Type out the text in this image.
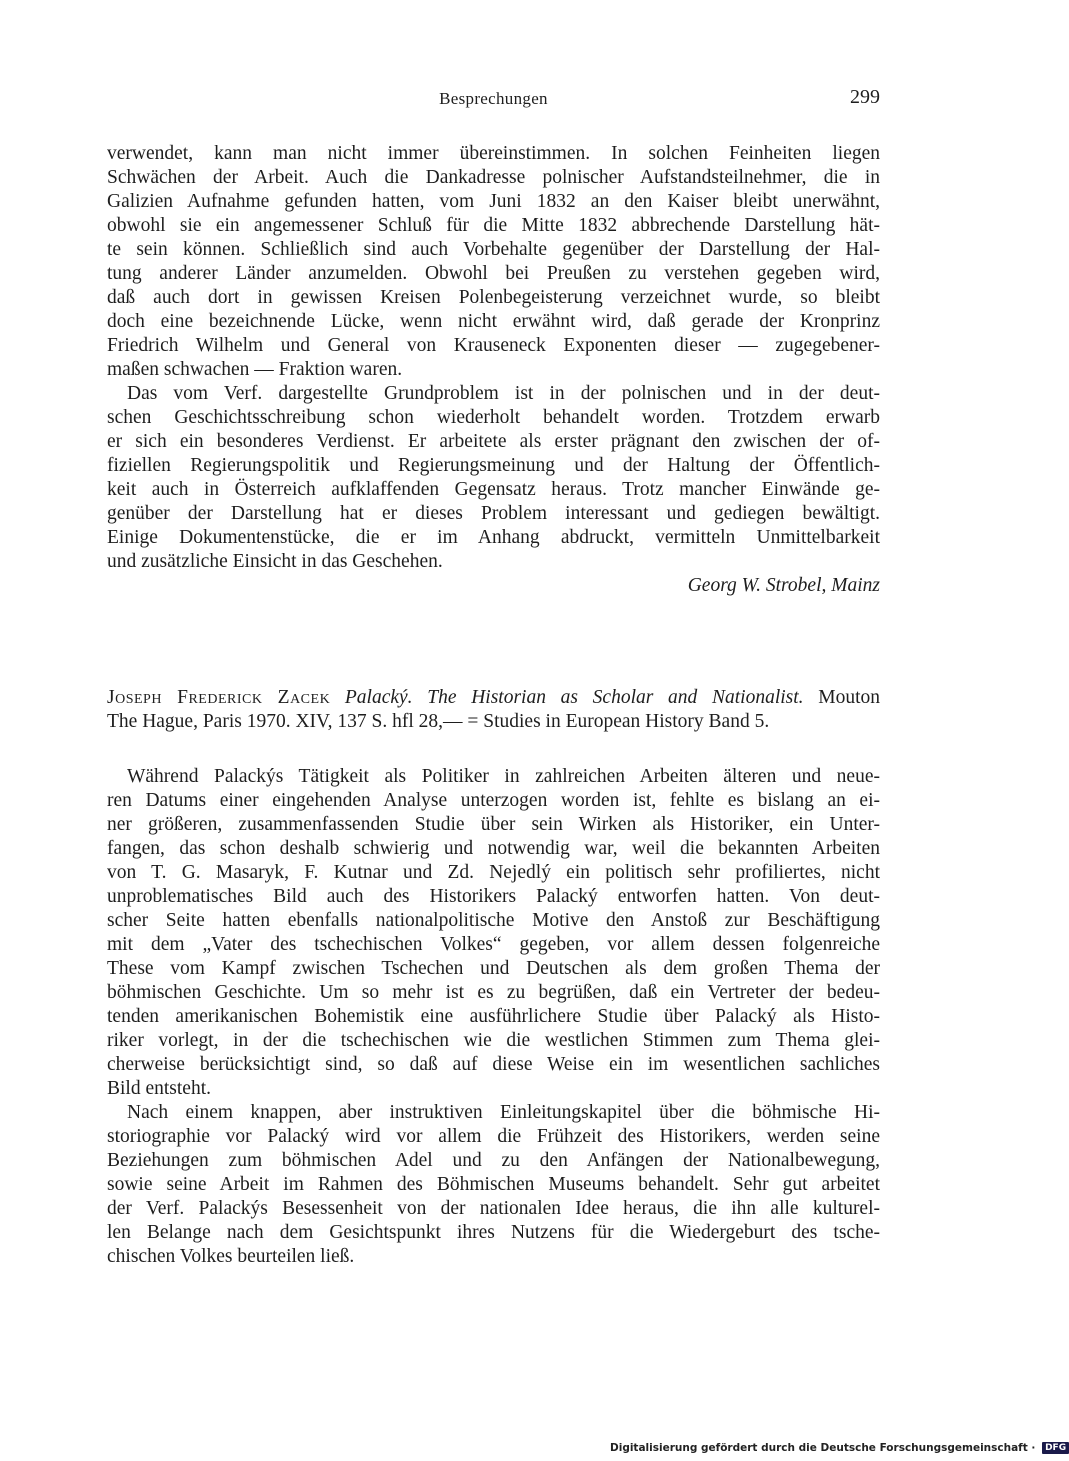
Besprechungen	299
verwendet, kann man nicht immer übereinstimmen. In solchen Feinheiten liegen
Schwächen der Arbeit. Auch die Dankadresse polnischer Aufstandsteilnehmer, die in
Galizien Aufnahme gefunden hatten, vom Juni 1832 an den Kaiser bleibt unerwähnt,
obwohl sie ein angemessener Schluß für die Mitte 1832 abbrechende Darstellung hät-
te sein können. Schließlich sind auch Vorbehalte gegenüber der Darstellung der Hal-
tung anderer Länder anzumelden. Obwohl bei Preußen zu verstehen gegeben wird,
daß auch dort in gewissen Kreisen Polenbegeisterung verzeichnet wurde, so bleibt
doch eine bezeichnende Lücke, wenn nicht erwähnt wird, daß gerade der Kronprinz
Friedrich Wilhelm und General von Krauseneck Exponenten dieser — zugegebener-
maßen schwachen — Fraktion waren.
Das vom Verf. dargestellte Grundproblem ist in der polnischen und in der deut-
schen Geschichtsschreibung schon wiederholt behandelt worden. Trotzdem erwarb
er sich ein besonderes Verdienst. Er arbeitete als erster prägnant den zwischen der of-
fiziellen Regierungspolitik und Regierungsmeinung und der Haltung der Öffentlich-
keit auch in Österreich aufklaffenden Gegensatz heraus. Trotz mancher Einwände ge-
genüber der Darstellung hat er dieses Problem interessant und gediegen bewältigt.
Einige Dokumentenstücke, die er im Anhang abdruckt, vermitteln Unmittelbarkeit
und zusätzliche Einsicht in das Geschehen.
Georg W. Strobel, Mainz
Joseph Frederick Zacek Palacký. The Historian as Scholar and Nationalist. Mouton
The Hague, Paris 1970. XIV, 137 S. hfl 28,— = Studies in European History Band 5.
Während Palackýs Tätigkeit als Politiker in zahlreichen Arbeiten älteren und neue-
ren Datums einer eingehenden Analyse unterzogen worden ist, fehlte es bislang an ei-
ner größeren, zusammenfassenden Studie über sein Wirken als Historiker, ein Unter-
fangen, das schon deshalb schwierig und notwendig war, weil die bekannten Arbeiten
von T. G. Masaryk, F. Kutnar und Zd. Nejedlý ein politisch sehr profiliertes, nicht
unproblematisches Bild auch des Historikers Palacký entworfen hatten. Von deut-
scher Seite hatten ebenfalls nationalpolitische Motive den Anstoß zur Beschäftigung
mit dem „Vater des tschechischen Volkes“ gegeben, vor allem dessen folgenreiche
These vom Kampf zwischen Tschechen und Deutschen als dem großen Thema der
böhmischen Geschichte. Um so mehr ist es zu begrüßen, daß ein Vertreter der bedeu-
tenden amerikanischen Bohemistik eine ausführlichere Studie über Palacký als Histo-
riker vorlegt, in der die tschechischen wie die westlichen Stimmen zum Thema glei-
cherweise berücksichtigt sind, so daß auf diese Weise ein im wesentlichen sachliches
Bild entsteht.
Nach einem knappen, aber instruktiven Einleitungskapitel über die böhmische Hi-
storiographie vor Palacký wird vor allem die Frühzeit des Historikers, werden seine
Beziehungen zum böhmischen Adel und zu den Anfängen der Nationalbewegung,
sowie seine Arbeit im Rahmen des Böhmischen Museums behandelt. Sehr gut arbeitet
der Verf. Palackýs Besessenheit von der nationalen Idee heraus, die ihn alle kulturel-
len Belange nach dem Gesichtspunkt ihres Nutzens für die Wiedergeburt des tsche-
chischen Volkes beurteilen ließ.
Digitalisierung gefördert durch die Deutsche Forschungsgemeinschaft · DFG
